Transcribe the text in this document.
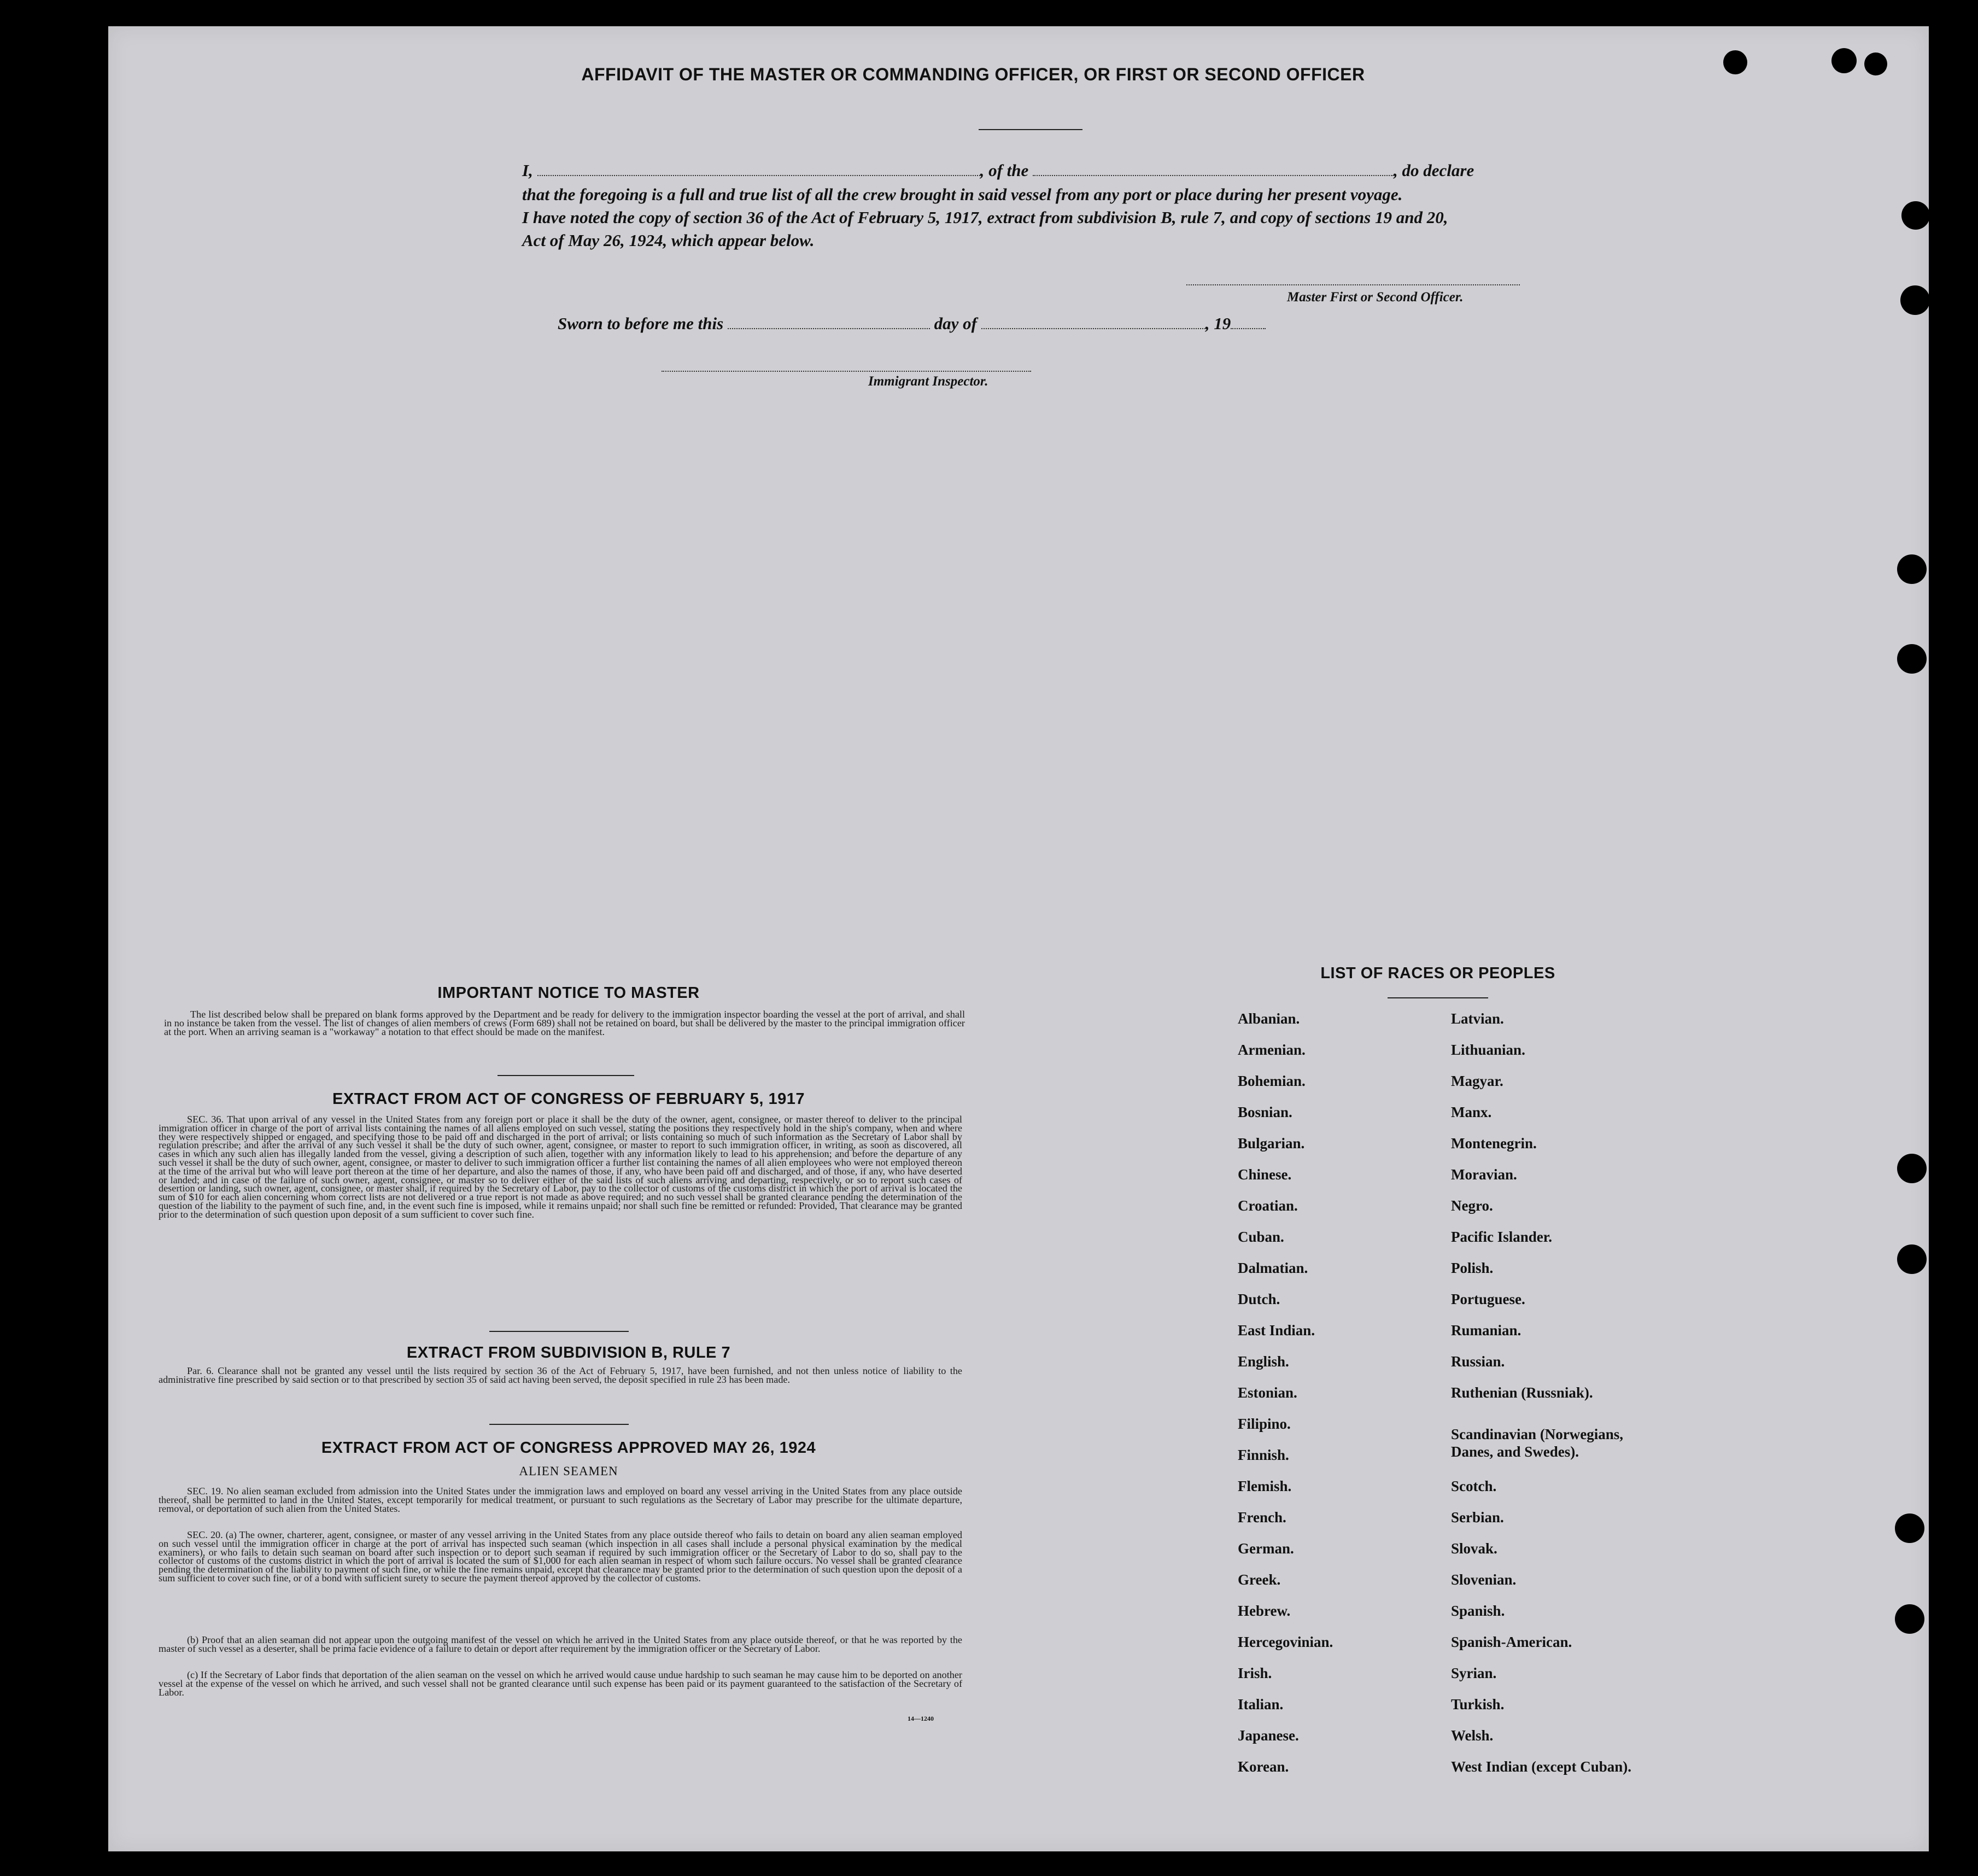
AFFIDAVIT OF THE MASTER OR COMMANDING OFFICER, OR FIRST OR SECOND OFFICER
I,	, of the	, do declare
that the foregoing is a full and true list of all the crew brought in said vessel from any port or place during her present voyage.
I have noted the copy of section 36 of the Act of February 5, 1917, extract from subdivision B, rule 7, and copy of sections 19 and 20,
Act of May 26, 1924, which appear below.
Master First or Second Officer.
Sworn to before me this	day of	, 19
Immigrant Inspector.
IMPORTANT NOTICE TO MASTER
The list described below shall be prepared on blank forms approved by the Department and be ready for delivery to the immigration inspector boarding the vessel at the port of arrival, and shall in no instance be taken from the vessel. The list of changes of alien members of crews (Form 689) shall not be retained on board, but shall be delivered by the master to the principal immigration officer at the port. When an arriving seaman is a "workaway" a notation to that effect should be made on the manifest.
EXTRACT FROM ACT OF CONGRESS OF FEBRUARY 5, 1917
SEC. 36. That upon arrival of any vessel in the United States from any foreign port or place it shall be the duty of the owner, agent, consignee, or master thereof to deliver to the principal immigration officer in charge of the port of arrival lists containing the names of all aliens employed on such vessel, stating the positions they respectively hold in the ship's company, when and where they were respectively shipped or engaged, and specifying those to be paid off and discharged in the port of arrival; or lists containing so much of such information as the Secretary of Labor shall by regulation prescribe; and after the arrival of any such vessel it shall be the duty of such owner, agent, consignee, or master to report to such immigration officer, in writing, as soon as discovered, all cases in which any such alien has illegally landed from the vessel, giving a description of such alien, together with any information likely to lead to his apprehension; and before the departure of any such vessel it shall be the duty of such owner, agent, consignee, or master to deliver to such immigration officer a further list containing the names of all alien employees who were not employed thereon at the time of the arrival but who will leave port thereon at the time of her departure, and also the names of those, if any, who have been paid off and discharged, and of those, if any, who have deserted or landed; and in case of the failure of such owner, agent, consignee, or master so to deliver either of the said lists of such aliens arriving and departing, respectively, or so to report such cases of desertion or landing, such owner, agent, consignee, or master shall, if required by the Secretary of Labor, pay to the collector of customs of the customs district in which the port of arrival is located the sum of $10 for each alien concerning whom correct lists are not delivered or a true report is not made as above required; and no such vessel shall be granted clearance pending the determination of the question of the liability to the payment of such fine, and, in the event such fine is imposed, while it remains unpaid; nor shall such fine be remitted or refunded: Provided, That clearance may be granted prior to the determination of such question upon deposit of a sum sufficient to cover such fine.
EXTRACT FROM SUBDIVISION B, RULE 7
Par. 6. Clearance shall not be granted any vessel until the lists required by section 36 of the Act of February 5, 1917, have been furnished, and not then unless notice of liability to the administrative fine prescribed by said section or to that prescribed by section 35 of said act having been served, the deposit specified in rule 23 has been made.
EXTRACT FROM ACT OF CONGRESS APPROVED MAY 26, 1924
ALIEN SEAMEN
SEC. 19. No alien seaman excluded from admission into the United States under the immigration laws and employed on board any vessel arriving in the United States from any place outside thereof, shall be permitted to land in the United States, except temporarily for medical treatment, or pursuant to such regulations as the Secretary of Labor may prescribe for the ultimate departure, removal, or deportation of such alien from the United States.
SEC. 20. (a) The owner, charterer, agent, consignee, or master of any vessel arriving in the United States from any place outside thereof who fails to detain on board any alien seaman employed on such vessel until the immigration officer in charge at the port of arrival has inspected such seaman (which inspection in all cases shall include a personal physical examination by the medical examiners), or who fails to detain such seaman on board after such inspection or to deport such seaman if required by such immigration officer or the Secretary of Labor to do so, shall pay to the collector of customs of the customs district in which the port of arrival is located the sum of $1,000 for each alien seaman in respect of whom such failure occurs. No vessel shall be granted clearance pending the determination of the liability to payment of such fine, or while the fine remains unpaid, except that clearance may be granted prior to the determination of such question upon the deposit of a sum sufficient to cover such fine, or of a bond with sufficient surety to secure the payment thereof approved by the collector of customs.
(b) Proof that an alien seaman did not appear upon the outgoing manifest of the vessel on which he arrived in the United States from any place outside thereof, or that he was reported by the master of such vessel as a deserter, shall be prima facie evidence of a failure to detain or deport after requirement by the immigration officer or the Secretary of Labor.
(c) If the Secretary of Labor finds that deportation of the alien seaman on the vessel on which he arrived would cause undue hardship to such seaman he may cause him to be deported on another vessel at the expense of the vessel on which he arrived, and such vessel shall not be granted clearance until such expense has been paid or its payment guaranteed to the satisfaction of the Secretary of Labor.
14—1240
LIST OF RACES OR PEOPLES
Albanian.
Armenian.
Bohemian.
Bosnian.
Bulgarian.
Chinese.
Croatian.
Cuban.
Dalmatian.
Dutch.
East Indian.
English.
Estonian.
Filipino.
Finnish.
Flemish.
French.
German.
Greek.
Hebrew.
Hercegovinian.
Irish.
Italian.
Japanese.
Korean.
Latvian.
Lithuanian.
Magyar.
Manx.
Montenegrin.
Moravian.
Negro.
Pacific Islander.
Polish.
Portuguese.
Rumanian.
Russian.
Ruthenian (Russniak).
Scandinavian (Norwegians,
Danes, and Swedes).
Scotch.
Serbian.
Slovak.
Slovenian.
Spanish.
Spanish-American.
Syrian.
Turkish.
Welsh.
West Indian (except Cuban).
